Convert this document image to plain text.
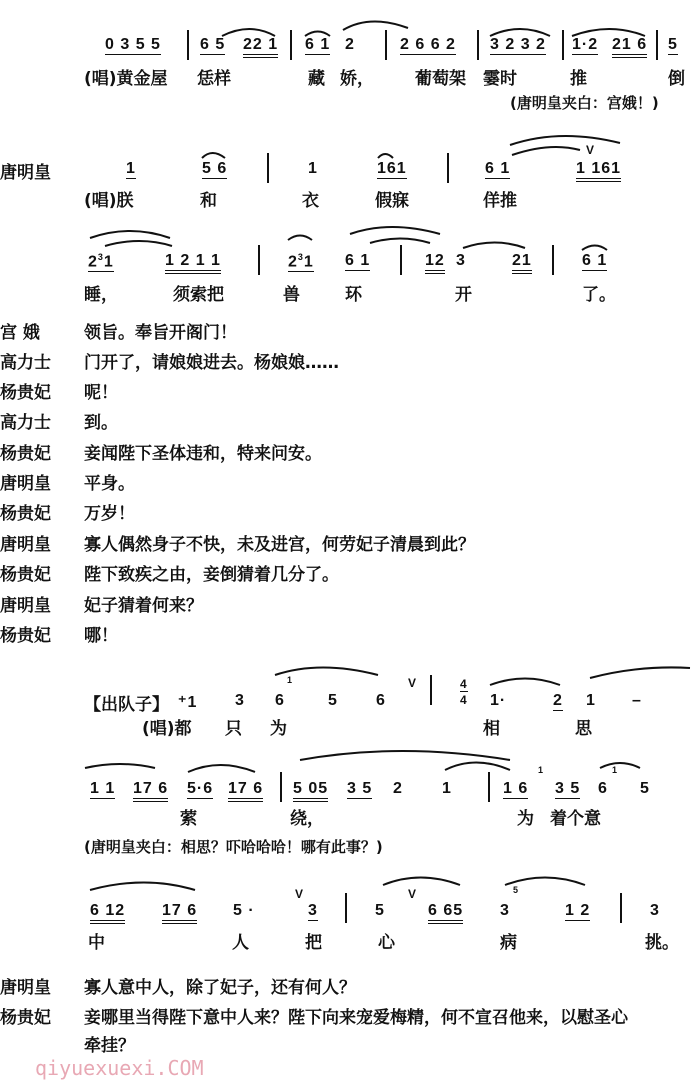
0 3 5 5 6 5 22 1 6 1 2	2 6 6 2 3 2 3 2 1·2 21 6 5
(唱)黄金屋 恁样	藏 娇， 葡萄架 霎时	推	倒
(唐明皇夹白：宫娥！)
唐明皇	1	5 6	1	161	6 1
V
1 161
(唱)朕	和	衣	假寐	佯推
$2^31$	1 2 1 1	$2^31$ 6 1	12 3	21	6 1
睡，	须索把	兽	环	开	了。
宫 娥	领旨。奉旨开阁门！
高力士	门开了，请娘娘进去。杨娘娘……
杨贵妃	呢！
高力士	到。
杨贵妃	妾闻陛下圣体违和，特来问安。
唐明皇	平身。
杨贵妃	万岁！
唐明皇	寡人偶然身子不快，未及进宫，何劳妃子清晨到此？
杨贵妃	陛下致疾之由，妾倒猜着几分了。
唐明皇	妃子猜着何来？
杨贵妃	哪！
【出队子】 ⁺1 3 6
1
5 6
V	4
4 1·	2 1 –
(唱)都 只 为	相	思
1 1 17 6 5·6 17 6 5 05 3 5 2 1	1 6
1
3 5 6
1
5
萦	绕，	为 着个意
(唐明皇夹白：相思？吓哈哈哈！哪有此事？)
6 12 17 6 5 ·
V
3	5
V
6 65 3
5
1 2	3
中	人	把	心	病	挑。
唐明皇	寡人意中人，除了妃子，还有何人？
杨贵妃	妾哪里当得陛下意中人来？陛下向来宠爱梅精，何不宣召他来，以慰圣心
牵挂？
qiyuexuexi.COM
